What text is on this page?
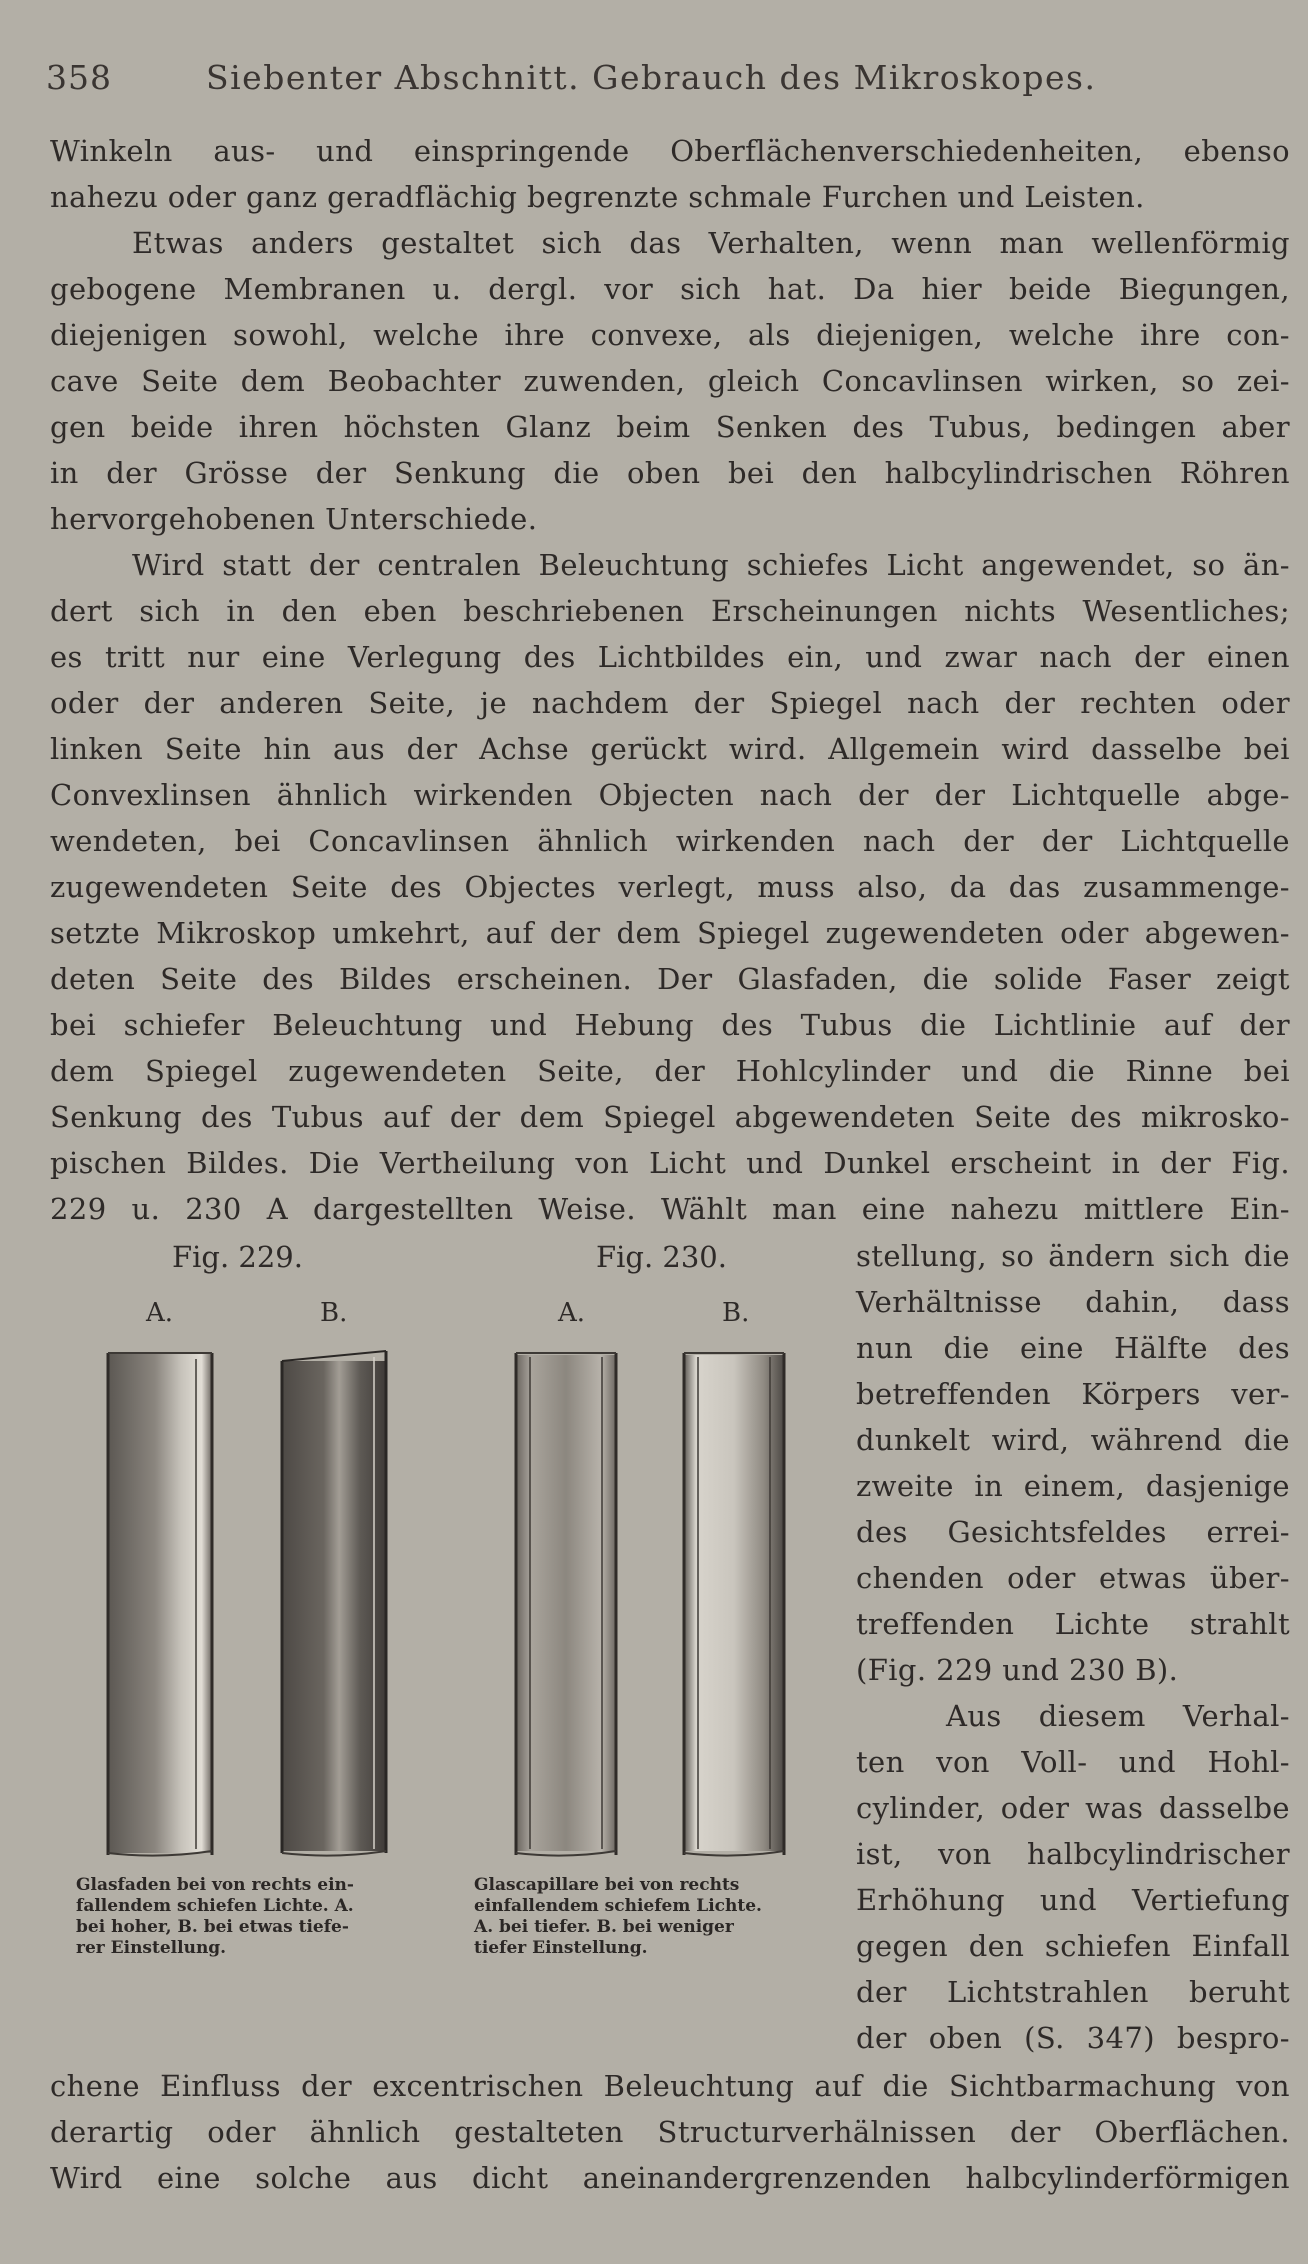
358	Siebenter Abschnitt. Gebrauch des Mikroskopes.
Winkeln aus- und einspringende Oberflächenverschiedenheiten, ebenso
nahezu oder ganz geradflächig begrenzte schmale Furchen und Leisten.
Etwas anders gestaltet sich das Verhalten, wenn man wellenförmig
gebogene Membranen u. dergl. vor sich hat. Da hier beide Biegungen,
diejenigen sowohl, welche ihre convexe, als diejenigen, welche ihre con-
cave Seite dem Beobachter zuwenden, gleich Concavlinsen wirken, so zei-
gen beide ihren höchsten Glanz beim Senken des Tubus, bedingen aber
in der Grösse der Senkung die oben bei den halbcylindrischen Röhren
hervorgehobenen Unterschiede.
Wird statt der centralen Beleuchtung schiefes Licht angewendet, so än-
dert sich in den eben beschriebenen Erscheinungen nichts Wesentliches;
es tritt nur eine Verlegung des Lichtbildes ein, und zwar nach der einen
oder der anderen Seite, je nachdem der Spiegel nach der rechten oder
linken Seite hin aus der Achse gerückt wird. Allgemein wird dasselbe bei
Convexlinsen ähnlich wirkenden Objecten nach der der Lichtquelle abge-
wendeten, bei Concavlinsen ähnlich wirkenden nach der der Lichtquelle
zugewendeten Seite des Objectes verlegt, muss also, da das zusammenge-
setzte Mikroskop umkehrt, auf der dem Spiegel zugewendeten oder abgewen-
deten Seite des Bildes erscheinen. Der Glasfaden, die solide Faser zeigt
bei schiefer Beleuchtung und Hebung des Tubus die Lichtlinie auf der
dem Spiegel zugewendeten Seite, der Hohlcylinder und die Rinne bei
Senkung des Tubus auf der dem Spiegel abgewendeten Seite des mikrosko-
pischen Bildes. Die Vertheilung von Licht und Dunkel erscheint in der Fig.
229 u. 230 A dargestellten Weise. Wählt man eine nahezu mittlere Ein-
stellung, so ändern sich die
Verhältnisse dahin, dass
nun die eine Hälfte des
betreffenden Körpers ver-
dunkelt wird, während die
zweite in einem, dasjenige
des Gesichtsfeldes errei-
chenden oder etwas über-
treffenden Lichte strahlt
(Fig. 229 und 230 B).
Aus diesem Verhal-
ten von Voll- und Hohl-
cylinder, oder was dasselbe
ist, von halbcylindrischer
Erhöhung und Vertiefung
gegen den schiefen Einfall
der Lichtstrahlen beruht
der oben (S. 347) bespro-
chene Einfluss der excentrischen Beleuchtung auf die Sichtbarmachung von
derartig oder ähnlich gestalteten Structurverhälnissen der Oberflächen.
Wird eine solche aus dicht aneinandergrenzenden halbcylinderförmigen
Fig. 229.
A.	B.
Fig. 230.
A.	B.
Glasfaden bei von rechts ein-
fallendem schiefen Lichte. A.
bei hoher, B. bei etwas tiefe-
rer Einstellung.
Glascapillare bei von rechts
einfallendem schiefem Lichte.
A. bei tiefer. B. bei weniger
tiefer Einstellung.
